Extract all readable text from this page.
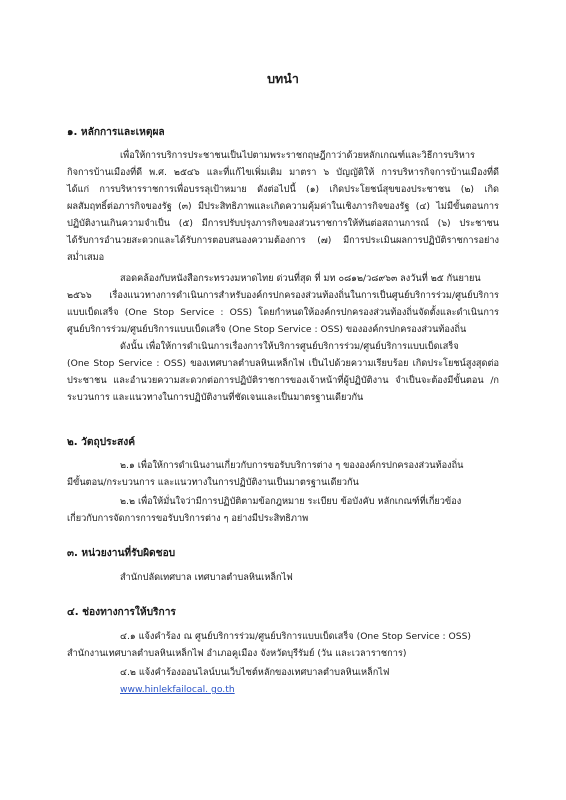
บทนำ
๑. หลักการและเหตุผล
เพื่อให้การบริการประชาชนเป็นไปตามพระราชกฤษฎีกาว่าด้วยหลักเกณฑ์และวิธีการบริหาร
กิจการบ้านเมืองที่ดี พ.ศ. ๒๕๔๖ และที่แก้ไขเพิ่มเติม มาตรา ๖ บัญญัติให้ การบริหารกิจการบ้านเมืองที่ดี
ได้แก่ การบริหารราชการเพื่อบรรลุเป้าหมาย ดังต่อไปนี้ (๑) เกิดประโยชน์สุขของประชาชน (๒) เกิด
ผลสัมฤทธิ์ต่อภารกิจของรัฐ (๓) มีประสิทธิภาพและเกิดความคุ้มค่าในเชิงภารกิจของรัฐ (๔) ไม่มีขั้นตอนการ
ปฏิบัติงานเกินความจำเป็น (๕) มีการปรับปรุงภารกิจของส่วนราชการให้ทันต่อสถานการณ์ (๖) ประชาชน
ได้รับการอำนวยสะดวกและได้รับการตอบสนองความต้องการ (๗) มีการประเมินผลการปฏิบัติราชการอย่าง
สม่ำเสมอ
สอดคล้องกับหนังสือกระทรวงมหาดไทย ด่วนที่สุด ที่ มท ๐๘๑๒/ว๘๙๖๓ ลงวันที่ ๒๕ กันยายน
๒๕๖๖ เรื่องแนวทางการดำเนินการสำหรับองค์กรปกครองส่วนท้องถิ่นในการเป็นศูนย์บริการร่วม/ศูนย์บริการ
แบบเบ็ดเสร็จ (One Stop Service : OSS) โดยกำหนดให้องค์กรปกครองส่วนท้องถิ่นจัดตั้งและดำเนินการ
ศูนย์บริการร่วม/ศูนย์บริการแบบเบ็ดเสร็จ (One Stop Service : OSS) ขององค์กรปกครองส่วนท้องถิ่น
ดังนั้น เพื่อให้การดำเนินการเรื่องการให้บริการศูนย์บริการร่วม/ศูนย์บริการแบบเบ็ดเสร็จ
(One Stop Service : OSS) ของเทศบาลตำบลหินเหล็กไฟ เป็นไปด้วยความเรียบร้อย เกิดประโยชน์สูงสุดต่อ
ประชาชน และอำนวยความสะดวกต่อการปฏิบัติราชการของเจ้าหน้าที่ผู้ปฏิบัติงาน จำเป็นจะต้องมีขั้นตอน /ก
ระบวนการ และแนวทางในการปฏิบัติงานที่ชัดเจนและเป็นมาตรฐานเดียวกัน
๒. วัตถุประสงค์
๒.๑ เพื่อให้การดำเนินงานเกี่ยวกับการขอรับบริการต่าง ๆ ขององค์กรปกครองส่วนท้องถิ่น
มีขั้นตอน/กระบวนการ และแนวทางในการปฏิบัติงานเป็นมาตรฐานเดียวกัน
๒.๒ เพื่อให้มั่นใจว่ามีการปฏิบัติตามข้อกฎหมาย ระเบียบ ข้อบังคับ หลักเกณฑ์ที่เกี่ยวข้อง
เกี่ยวกับการจัดการการขอรับบริการต่าง ๆ อย่างมีประสิทธิภาพ
๓. หน่วยงานที่รับผิดชอบ
สำนักปลัดเทศบาล เทศบาลตำบลหินเหล็กไฟ
๔. ช่องทางการให้บริการ
๔.๑ แจ้งคำร้อง ณ ศูนย์บริการร่วม/ศูนย์บริการแบบเบ็ดเสร็จ (One Stop Service : OSS)
สำนักงานเทศบาลตำบลหินเหล็กไฟ อำเภอคูเมือง จังหวัดบุรีรัมย์ (วัน และเวลาราชการ)
๔.๒ แจ้งคำร้องออนไลน์บนเว็บไซต์หลักของเทศบาลตำบลหินเหล็กไฟ
www.hinlekfailocal. go.th
